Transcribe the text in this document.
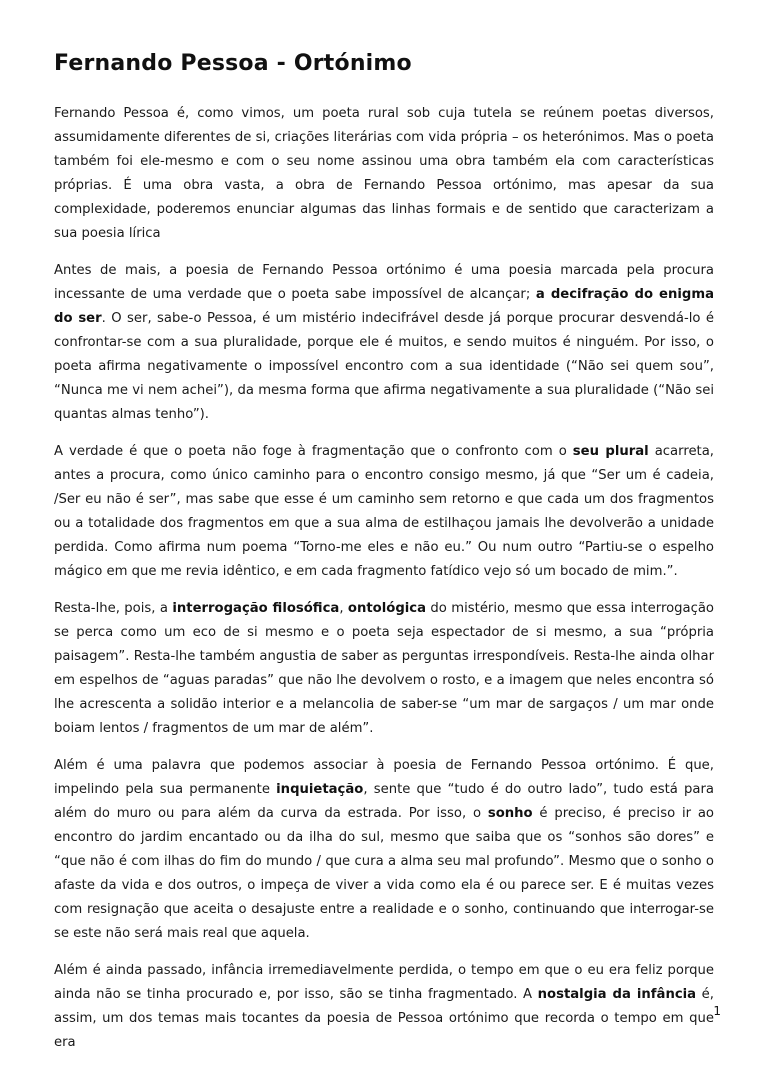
Fernando Pessoa - Ortónimo

Fernando Pessoa é, como vimos, um poeta rural sob cuja tutela se reúnem poetas diversos, assumidamente diferentes de si, criações literárias com vida própria – os heterónimos. Mas o poeta também foi ele-mesmo e com o seu nome assinou uma obra também ela com características próprias. É uma obra vasta, a obra de Fernando Pessoa ortónimo, mas apesar da sua complexidade, poderemos enunciar algumas das linhas formais e de sentido que caracterizam a sua poesia lírica

Antes de mais, a poesia de Fernando Pessoa ortónimo é uma poesia marcada pela procura incessante de uma verdade que o poeta sabe impossível de alcançar; a decifração do enigma do ser. O ser, sabe-o Pessoa, é um mistério indecifrável desde já porque procurar desvendá-lo é confrontar-se com a sua pluralidade, porque ele é muitos, e sendo muitos é ninguém. Por isso, o poeta afirma negativamente o impossível encontro com a sua identidade (“Não sei quem sou”, “Nunca me vi nem achei”), da mesma forma que afirma negativamente a sua pluralidade (“Não sei quantas almas tenho”).

A verdade é que o poeta não foge à fragmentação que o confronto com o seu plural acarreta, antes a procura, como único caminho para o encontro consigo mesmo, já que “Ser um é cadeia, /Ser eu não é ser”, mas sabe que esse é um caminho sem retorno e que cada um dos fragmentos ou a totalidade dos fragmentos em que a sua alma de estilhaçou jamais lhe devolverão a unidade perdida. Como afirma num poema “Torno-me eles e não eu.” Ou num outro “Partiu-se o espelho mágico em que me revia idêntico, e em cada fragmento fatídico vejo só um bocado de mim.”.

Resta-lhe, pois, a interrogação filosófica, ontológica do mistério, mesmo que essa interrogação se perca como um eco de si mesmo e o poeta seja espectador de si mesmo, a sua “própria paisagem”. Resta-lhe também angustia de saber as perguntas irrespondíveis. Resta-lhe ainda olhar em espelhos de “aguas paradas” que não lhe devolvem o rosto, e a imagem que neles encontra só lhe acrescenta a solidão interior e a melancolia de saber-se “um mar de sargaços / um mar onde boiam lentos / fragmentos de um mar de além”.

Além é uma palavra que podemos associar à poesia de Fernando Pessoa ortónimo. É que, impelindo pela sua permanente inquietação, sente que “tudo é do outro lado”, tudo está para além do muro ou para além da curva da estrada. Por isso, o sonho é preciso, é preciso ir ao encontro do jardim encantado ou da ilha do sul, mesmo que saiba que os “sonhos são dores” e “que não é com ilhas do fim do mundo / que cura a alma seu mal profundo”. Mesmo que o sonho o afaste da vida e dos outros, o impeça de viver a vida como ela é ou parece ser. E é muitas vezes com resignação que aceita o desajuste entre a realidade e o sonho, continuando que interrogar-se se este não será mais real que aquela.

Além é ainda passado, infância irremediavelmente perdida, o tempo em que o eu era feliz porque ainda não se tinha procurado e, por isso, são se tinha fragmentado. A nostalgia da infância é, assim, um dos temas mais tocantes da poesia de Pessoa ortónimo que recorda o tempo em que era

1
